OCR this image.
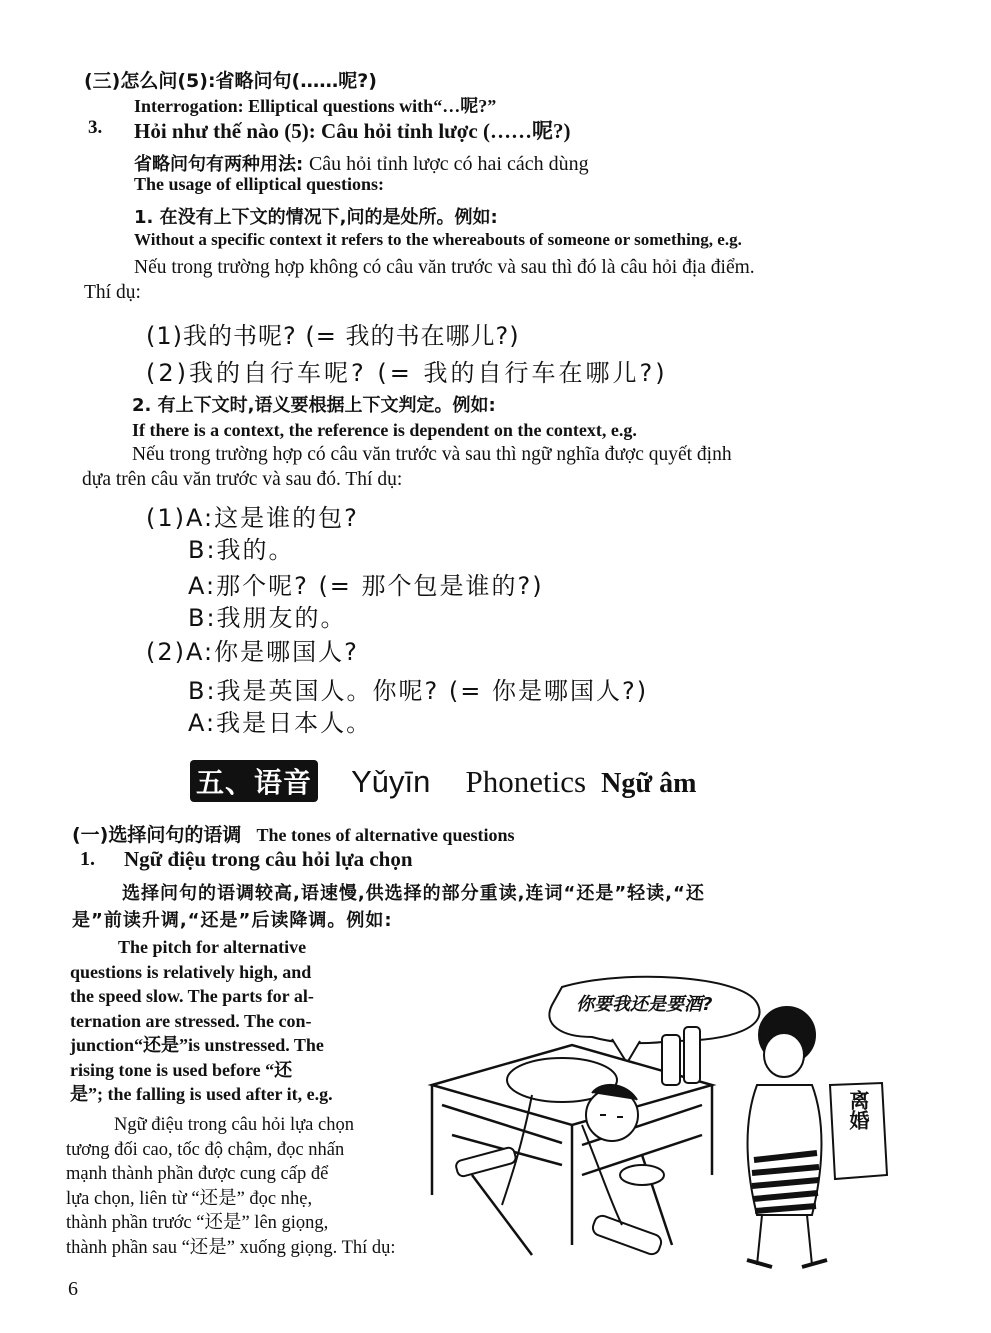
(三)怎么问(5):省略问句(……呢?)
Interrogation: Elliptical questions with“…呢?”
3. Hỏi như thế nào (5): Câu hỏi tỉnh lược (……呢?)
省略问句有两种用法: Câu hỏi tỉnh lược có hai cách dùng
The usage of elliptical questions:
1. 在没有上下文的情况下,问的是处所。例如:
Without a specific context it refers to the whereabouts of someone or something, e.g.
Nếu trong trường hợp không có câu văn trước và sau thì đó là câu hỏi địa điểm.
Thí dụ:
(1)我的书呢? (= 我的书在哪儿?)
(2)我的自行车呢? (= 我的自行车在哪儿?)
2. 有上下文时,语义要根据上下文判定。例如:
If there is a context, the reference is dependent on the context, e.g.
Nếu trong trường hợp có câu văn trước và sau thì ngữ nghĩa được quyết định
dựa trên câu văn trước và sau đó. Thí dụ:
(1)A:这是谁的包?
B:我的。
A:那个呢? (= 那个包是谁的?)
B:我朋友的。
(2)A:你是哪国人?
B:我是英国人。你呢? (= 你是哪国人?)
A:我是日本人。
五、语音 Yǔyīn Phonetics Ngữ âm
(一)选择问句的语调 The tones of alternative questions
1. Ngữ điệu trong câu hỏi lựa chọn
选择问句的语调较高,语速慢,供选择的部分重读,连词“还是”轻读,“还
是”前读升调,“还是”后读降调。例如:
The pitch for alternative
questions is relatively high, and
the speed slow. The parts for al-
ternation are stressed. The con-
junction“还是”is unstressed. The
rising tone is used before “还
是”; the falling is used after it, e.g.
Ngữ điệu trong câu hỏi lựa chọn
tương đối cao, tốc độ chậm, đọc nhấn
mạnh thành phần được cung cấp để
lựa chọn, liên từ “还是” đọc nhẹ,
thành phần trước “还是” lên giọng,
thành phần sau “还是” xuống giọng. Thí dụ:
你要我还是要酒?
离婚
6
